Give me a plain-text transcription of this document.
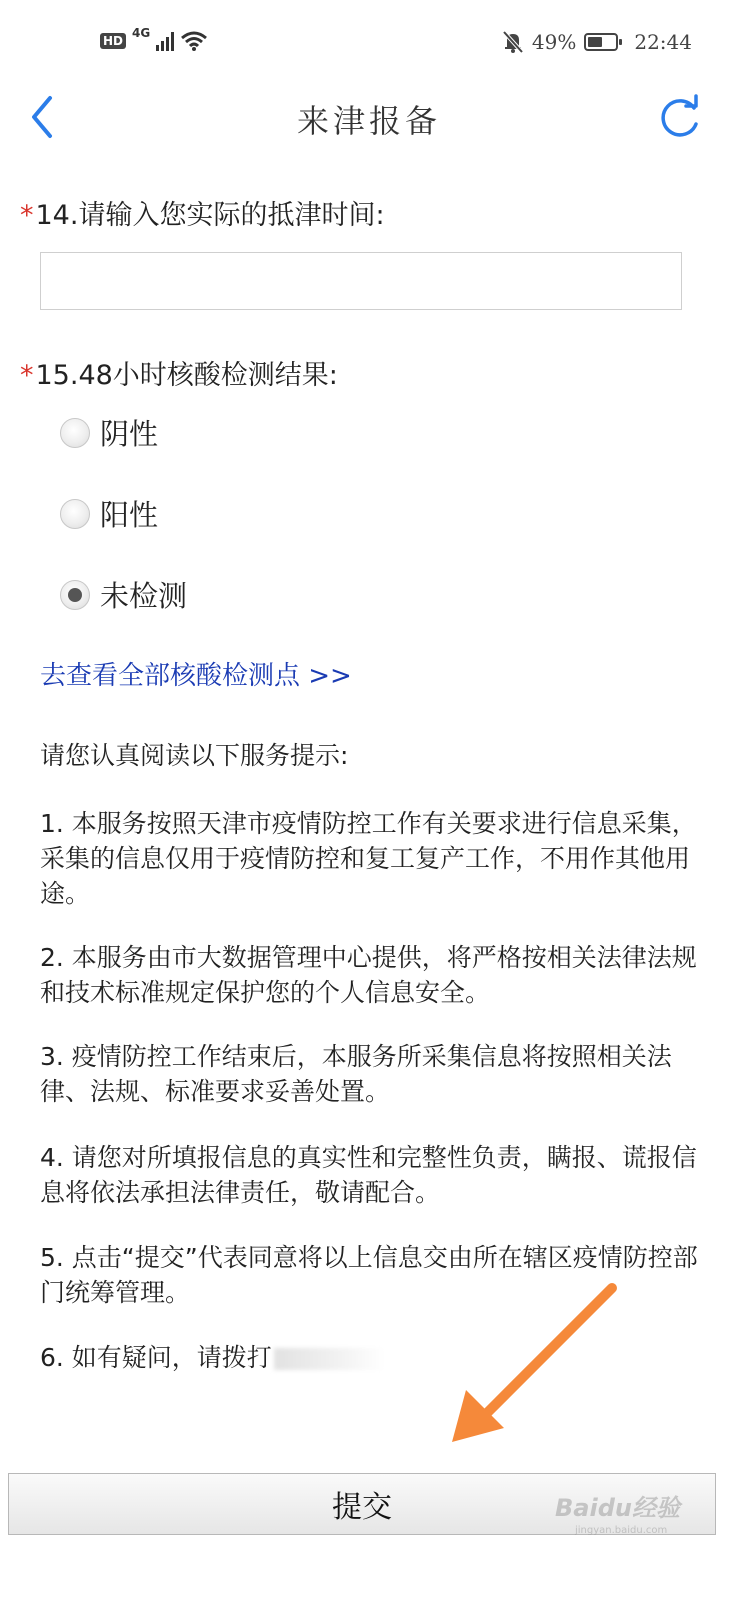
HD
4G	49%	22:44
来津报备
*14.请输入您实际的抵津时间:
*15.48小时核酸检测结果:
阴性
阳性
未检测
去查看全部核酸检测点 >>
请您认真阅读以下服务提示:
1. 本服务按照天津市疫情防控工作有关要求进行信息采集，采集的信息仅用于疫情防控和复工复产工作，不用作其他用途。
2. 本服务由市大数据管理中心提供，将严格按相关法律法规和技术标准规定保护您的个人信息安全。
3. 疫情防控工作结束后，本服务所采集信息将按照相关法律、法规、标准要求妥善处置。
4. 请您对所填报信息的真实性和完整性负责，瞒报、谎报信息将依法承担法律责任，敬请配合。
5. 点击“提交”代表同意将以上信息交由所在辖区疫情防控部门统筹管理。
6. 如有疑问，请拨打
提交	Baidu经验
jingyan.baidu.com
